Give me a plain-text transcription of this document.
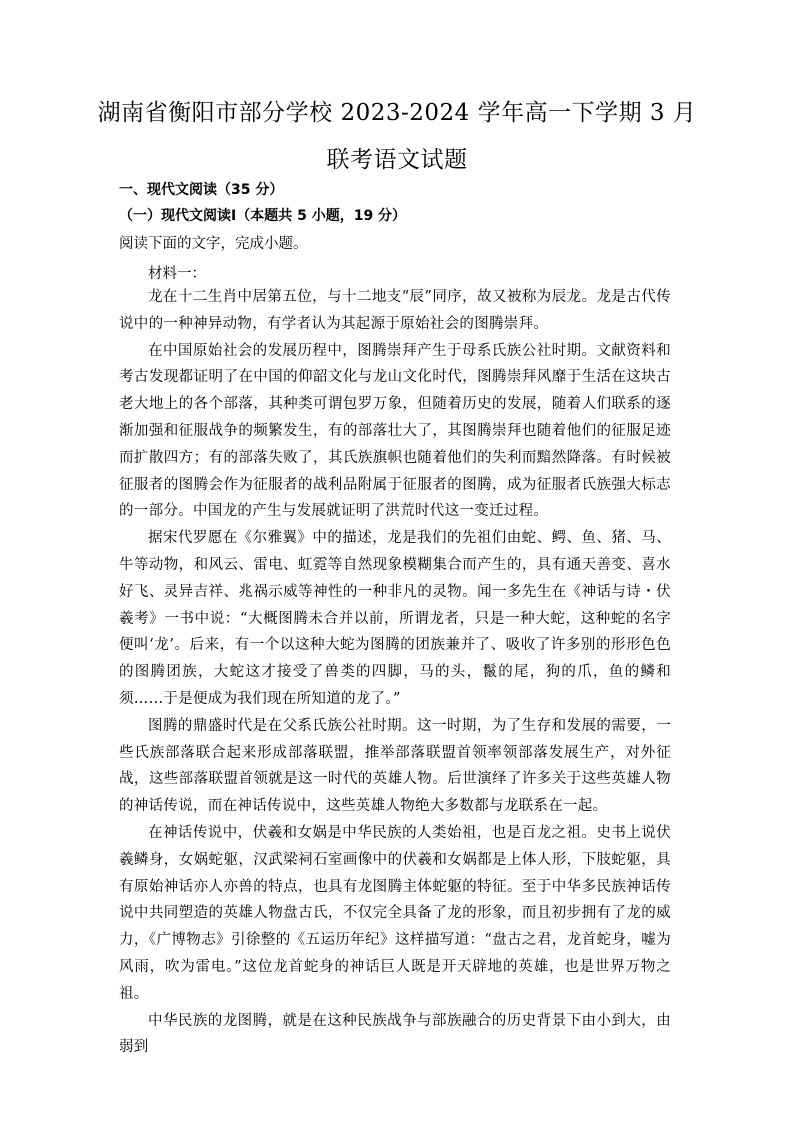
湖南省衡阳市部分学校 2023-2024 学年高一下学期 3 月
联考语文试题
一、现代文阅读（35 分）
（一）现代文阅读Ⅰ（本题共 5 小题，19 分）
阅读下面的文字，完成小题。
材料一：

龙在十二生肖中居第五位，与十二地支“辰”同序，故又被称为辰龙。龙是古代传说中的一种神异动物，有学者认为其起源于原始社会的图腾崇拜。

在中国原始社会的发展历程中，图腾崇拜产生于母系氏族公社时期。文献资料和考古发现都证明了在中国的仰韶文化与龙山文化时代，图腾崇拜风靡于生活在这块古老大地上的各个部落，其种类可谓包罗万象，但随着历史的发展，随着人们联系的逐渐加强和征服战争的频繁发生，有的部落壮大了，其图腾崇拜也随着他们的征服足迹而扩散四方；有的部落失败了，其氏族旗帜也随着他们的失利而黯然降落。有时候被征服者的图腾会作为征服者的战利品附属于征服者的图腾，成为征服者氏族强大标志的一部分。中国龙的产生与发展就证明了洪荒时代这一变迁过程。

据宋代罗愿在《尔雅翼》中的描述，龙是我们的先祖们由蛇、鳄、鱼、猪、马、牛等动物，和风云、雷电、虹霓等自然现象模糊集合而产生的，具有通天善变、喜水好飞、灵异吉祥、兆祸示威等神性的一种非凡的灵物。闻一多先生在《神话与诗・伏羲考》一书中说：“大概图腾未合并以前，所谓龙者，只是一种大蛇，这种蛇的名字便叫‘龙’。后来，有一个以这种大蛇为图腾的团族兼并了、吸收了许多别的形形色色的图腾团族，大蛇这才接受了兽类的四脚，马的头，鬣的尾，狗的爪，鱼的鳞和须……于是便成为我们现在所知道的龙了。”

图腾的鼎盛时代是在父系氏族公社时期。这一时期，为了生存和发展的需要，一些氏族部落联合起来形成部落联盟，推举部落联盟首领率领部落发展生产，对外征战，这些部落联盟首领就是这一时代的英雄人物。后世演绎了许多关于这些英雄人物的神话传说，而在神话传说中，这些英雄人物绝大多数都与龙联系在一起。

在神话传说中，伏羲和女娲是中华民族的人类始祖，也是百龙之祖。史书上说伏羲鳞身，女娲蛇躯，汉武梁祠石室画像中的伏羲和女娲都是上体人形，下肢蛇躯，具有原始神话亦人亦兽的特点，也具有龙图腾主体蛇躯的特征。至于中华多民族神话传说中共同塑造的英雄人物盘古氏，不仅完全具备了龙的形象，而且初步拥有了龙的威力，《广博物志》引徐整的《五运历年纪》这样描写道：“盘古之君，龙首蛇身，嘘为风雨，吹为雷电。”这位龙首蛇身的神话巨人既是开天辟地的英雄，也是世界万物之祖。

中华民族的龙图腾，就是在这种民族战争与部族融合的历史背景下由小到大，由弱到
